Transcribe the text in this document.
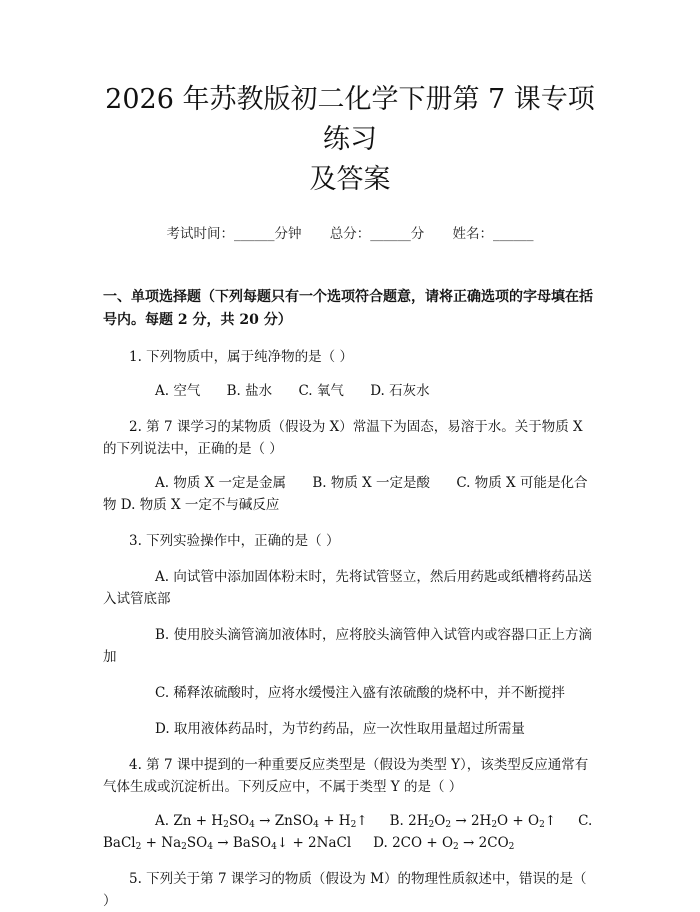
2026 年苏教版初二化学下册第 7 课专项练习
及答案
考试时间：______分钟 总分：______分 姓名：______
一、单项选择题（下列每题只有一个选项符合题意，请将正确选项的字母填在括号内。每题 2 分，共 20 分）
1. 下列物质中，属于纯净物的是（ ）
A. 空气 B. 盐水 C. 氧气 D. 石灰水
2. 第 7 课学习的某物质（假设为 X）常温下为固态，易溶于水。关于物质 X 的下列说法中，正确的是（ ）
A. 物质 X 一定是金属 B. 物质 X 一定是酸 C. 物质 X 可能是化合物 D. 物质 X 一定不与碱反应
3. 下列实验操作中，正确的是（ ）
A. 向试管中添加固体粉末时，先将试管竖立，然后用药匙或纸槽将药品送入试管底部
B. 使用胶头滴管滴加液体时，应将胶头滴管伸入试管内或容器口正上方滴加
C. 稀释浓硫酸时，应将水缓慢注入盛有浓硫酸的烧杯中，并不断搅拌
D. 取用液体药品时，为节约药品，应一次性取用量超过所需量
4. 第 7 课中提到的一种重要反应类型是（假设为类型 Y），该类型反应通常有气体生成或沉淀析出。下列反应中，不属于类型 Y 的是（ ）
A. $Zn + H_2SO_4$ → ZnSO$_4$ + $H_2↑$ B. $2H_2O_2 \to 2H_2O$ + $O_2↑$ C. BaCl$_2$ + $Na_2SO_4$ → BaSO$_4$↓ + 2NaCl D. $2CO + O_2 \to 2CO_2$
5. 下列关于第 7 课学习的物质（假设为 M）的物理性质叙述中，错误的是（ ）
